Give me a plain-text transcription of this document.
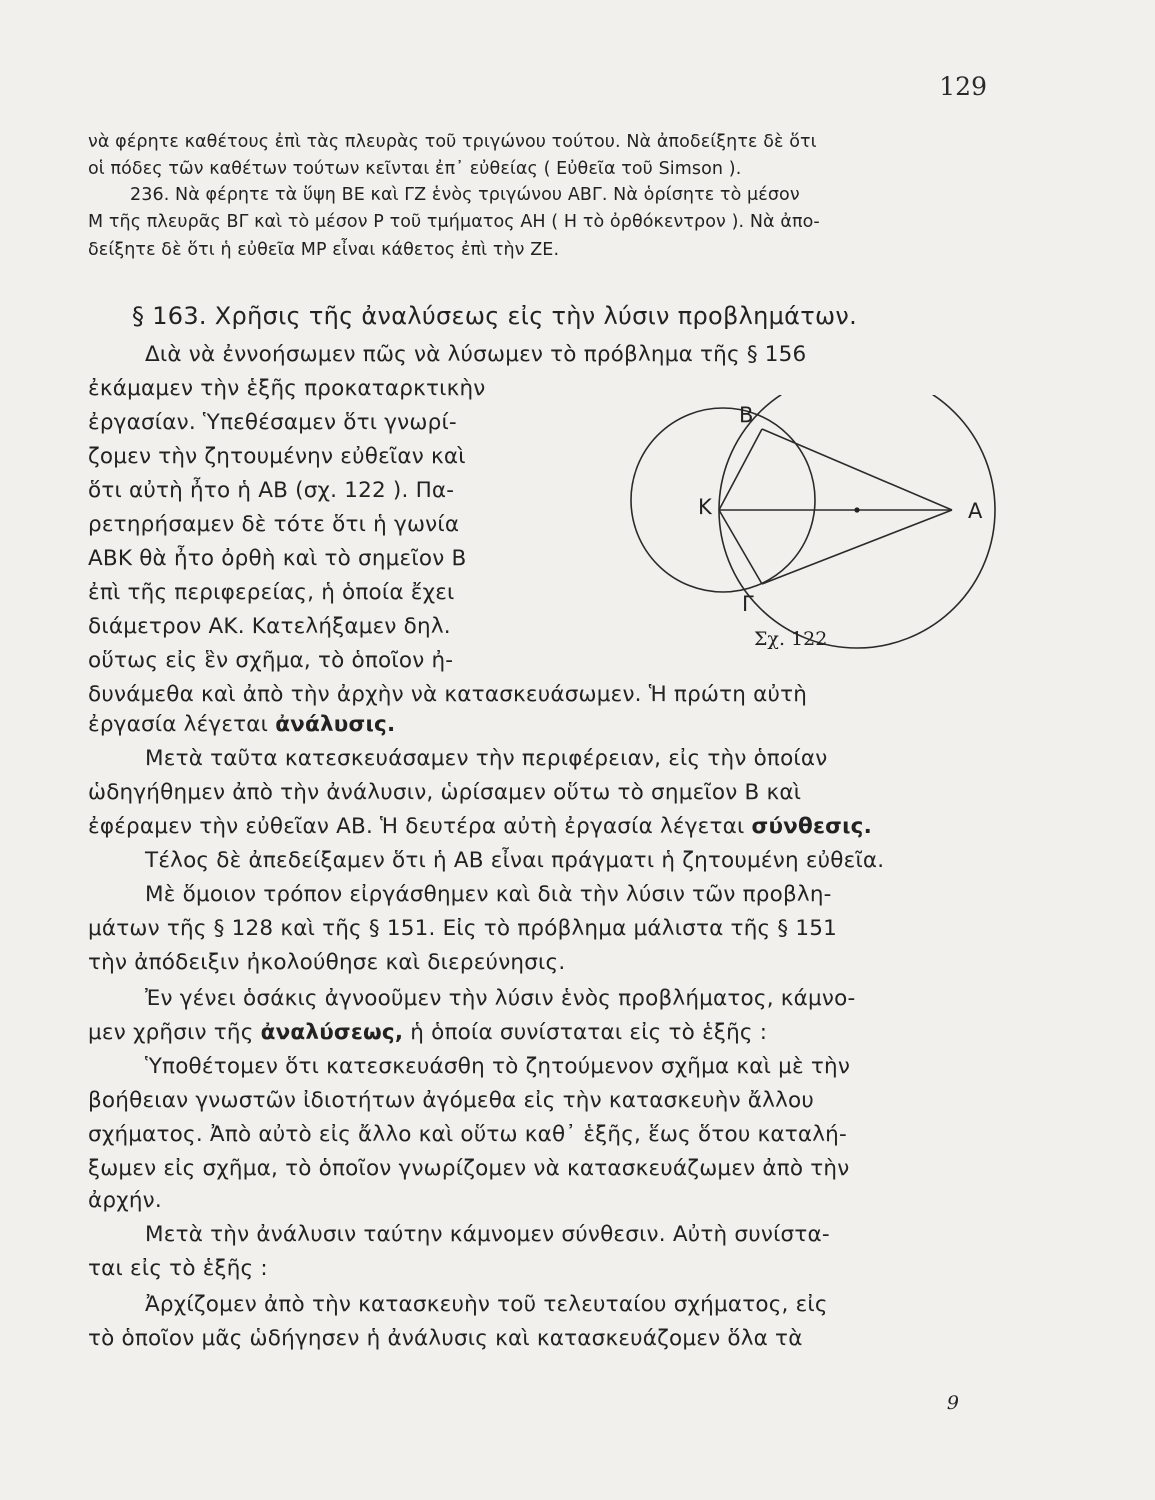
129
νὰ φέρητε καθέτους ἐπὶ τὰς πλευρὰς τοῦ τριγώνου τούτου. Νὰ ἀποδείξητε δὲ ὅτι
οἱ πόδες τῶν καθέτων τούτων κεῖνται ἐπ᾽ εὐθείας ( Εὐθεῖα τοῦ Simson ).
236. Νὰ φέρητε τὰ ὕψη ΒΕ καὶ ΓΖ ἑνὸς τριγώνου ΑΒΓ. Νὰ ὁρίσητε τὸ μέσον
Μ τῆς πλευρᾶς ΒΓ καὶ τὸ μέσον Ρ τοῦ τμήματος ΑΗ ( Η τὸ ὀρθόκεντρον ). Νὰ ἀπο-
δείξητε δὲ ὅτι ἡ εὐθεῖα ΜΡ εἶναι κάθετος ἐπὶ τὴν ΖΕ.
§ 163. Χρῆσις τῆς ἀναλύσεως εἰς τὴν λύσιν προβλημάτων.
Διὰ νὰ ἐννοήσωμεν πῶς νὰ λύσωμεν τὸ πρόβλημα τῆς § 156
ἐκάμαμεν τὴν ἑξῆς προκαταρκτικὴν
ἐργασίαν. Ὑπεθέσαμεν ὅτι γνωρί-
ζομεν τὴν ζητουμένην εὐθεῖαν καὶ
ὅτι αὐτὴ ἦτο ἡ ΑΒ (σχ. 122 ). Πα-
ρετηρήσαμεν δὲ τότε ὅτι ἡ γωνία
ΑΒΚ θὰ ἦτο ὀρθὴ καὶ τὸ σημεῖον Β
ἐπὶ τῆς περιφερείας, ἡ ὁποία ἔχει
διάμετρον ΑΚ. Κατελήξαμεν δηλ.
οὕτως εἰς ἓν σχῆμα, τὸ ὁποῖον ἠ-
δυνάμεθα καὶ ἀπὸ τὴν ἀρχὴν νὰ κατασκευάσωμεν. Ἡ πρώτη αὐτὴ
ἐργασία λέγεται ἀνάλυσις.
Μετὰ ταῦτα κατεσκευάσαμεν τὴν περιφέρειαν, εἰς τὴν ὁποίαν
ὡδηγήθημεν ἀπὸ τὴν ἀνάλυσιν, ὡρίσαμεν οὕτω τὸ σημεῖον Β καὶ
ἐφέραμεν τὴν εὐθεῖαν ΑΒ. Ἡ δευτέρα αὐτὴ ἐργασία λέγεται σύνθεσις.
Τέλος δὲ ἀπεδείξαμεν ὅτι ἡ ΑΒ εἶναι πράγματι ἡ ζητουμένη εὐθεῖα.
Μὲ ὅμοιον τρόπον εἰργάσθημεν καὶ διὰ τὴν λύσιν τῶν προβλη-
μάτων τῆς § 128 καὶ τῆς § 151. Εἰς τὸ πρόβλημα μάλιστα τῆς § 151
τὴν ἀπόδειξιν ἠκολούθησε καὶ διερεύνησις.
Ἐν γένει ὁσάκις ἀγνοοῦμεν τὴν λύσιν ἑνὸς προβλήματος, κάμνο-
μεν χρῆσιν τῆς ἀναλύσεως, ἡ ὁποία συνίσταται εἰς τὸ ἑξῆς :
Ὑποθέτομεν ὅτι κατεσκευάσθη τὸ ζητούμενον σχῆμα καὶ μὲ τὴν
βοήθειαν γνωστῶν ἰδιοτήτων ἀγόμεθα εἰς τὴν κατασκευὴν ἄλλου
σχήματος. Ἀπὸ αὐτὸ εἰς ἄλλο καὶ οὕτω καθ᾽ ἑξῆς, ἕως ὅτου καταλή-
ξωμεν εἰς σχῆμα, τὸ ὁποῖον γνωρίζομεν νὰ κατασκευάζωμεν ἀπὸ τὴν
ἀρχήν.
Μετὰ τὴν ἀνάλυσιν ταύτην κάμνομεν σύνθεσιν. Αὐτὴ συνίστα-
ται εἰς τὸ ἑξῆς :
Ἀρχίζομεν ἀπὸ τὴν κατασκευὴν τοῦ τελευταίου σχήματος, εἰς
τὸ ὁποῖον μᾶς ὡδήγησεν ἡ ἀνάλυσις καὶ κατασκευάζομεν ὅλα τὰ
Β
Κ	Α
Γ
Σχ. 122
9
